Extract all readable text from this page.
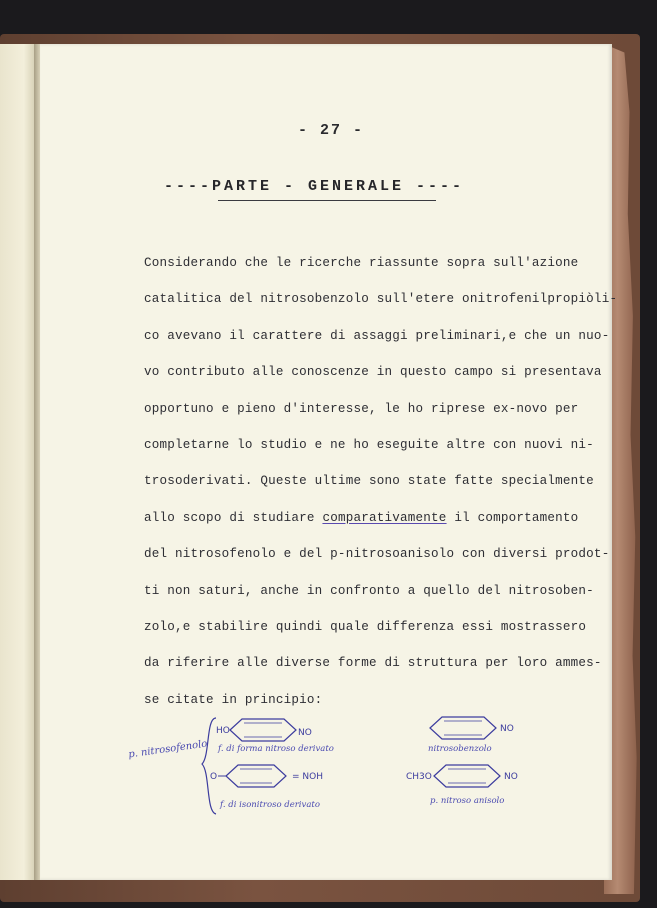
- 27 -
----PARTE - GENERALE ----
Considerando che le ricerche riassunte sopra sull'azione
catalitica del nitrosobenzolo sull'etere onitrofenilpropiòli-
co avevano il carattere di assaggi preliminari,e che un nuo-
vo contributo alle conoscenze in questo campo si presentava
opportuno e pieno d'interesse, le ho riprese ex-novo per
completarne lo studio e ne ho eseguite altre con nuovi ni-
trosoderivati. Queste ultime sono state fatte specialmente
allo scopo di studiare comparativamente il comportamento
del nitrosofenolo e del p-nitrosoanisolo con diversi prodot-
ti non saturi, anche in confronto a quello del nitrosoben-
zolo,e stabilire quindi quale differenza essi mostrassero
da riferire alle diverse forme di struttura per loro ammes-
se citate in principio:
p. nitrosofenolo
HO	NO
f. di forma nitroso derivato
O	= NOH
f. di isonitroso derivato
NO
nitrosobenzolo
CH3O	NO
p. nitroso anisolo
